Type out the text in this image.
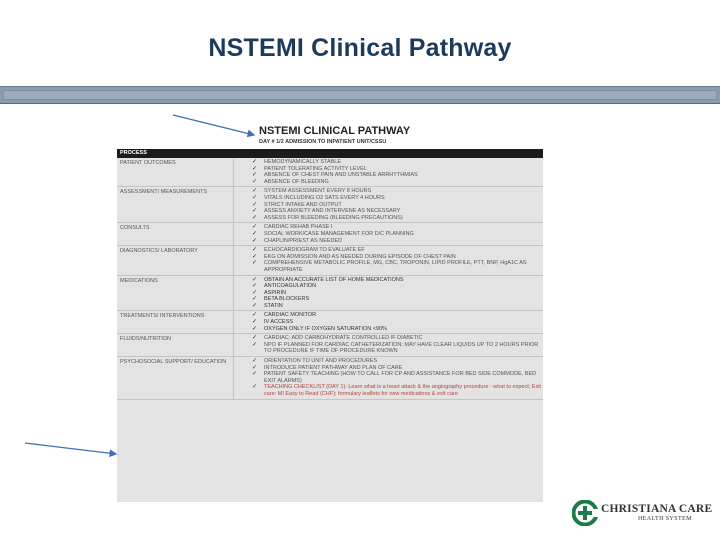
NSTEMI Clinical Pathway
NSTEMI CLINICAL PATHWAY
DAY # 1/2 ADMISSION TO INPATIENT UNIT/CSSU
PROCESS
PATIENT OUTCOMES	✓ HEMODYNAMICALLY STABLE
✓ PATIENT TOLERATING ACTIVITY LEVEL
✓ ABSENCE OF CHEST PAIN AND UNSTABLE ARRHYTHMIAS
✓ ABSENCE OF BLEEDING
ASSESSMENT/ MEASUREMENTS	✓ SYSTEM ASSESSMENT EVERY 8 HOURS
✓ VITALS INCLUDING O2 SATS EVERY 4 HOURS
✓ STRICT INTAKE AND OUTPUT
✓ ASSESS ANXIETY AND INTERVENE AS NECESSARY
✓ ASSESS FOR BLEEDING (BLEEDING PRECAUTIONS)
CONSULTS	✓ CARDIAC REHAB PHASE I
✓ SOCIAL WORK/CASE MANAGEMENT FOR D/C PLANNING
✓ CHAPLIN/PRIEST AS NEEDED
DIAGNOSTICS/ LABORATORY	✓ ECHOCARDIOGRAM TO EVALUATE EF
✓ EKG ON ADMISSION AND AS NEEDED DURING EPISODE OF CHEST PAIN
✓ COMPREHENSIVE METABOLIC PROFILE, MG, CBC, TROPONIN, LIPID PROFILE, PTT, BNP, HgA1C AS APPROPRIATE
MEDICATIONS	✓ OBTAIN AN ACCURATE LIST OF HOME MEDICATIONS
✓ ANTICOAGULATION
✓ ASPIRIN
✓ BETA BLOCKERS
✓ STATIN
TREATMENTS/ INTERVENTIONS	✓ CARDIAC MONITOR
✓ IV ACCESS
✓ OXYGEN ONLY IF OXYGEN SATURATION <90%
FLUIDS/NUTRITION	✓ CARDIAC; ADD CARBOHYDRATE CONTROLLED IF DIABETIC
✓ NPO IF PLANNED FOR CARDIAC CATHETERIZATION; MAY HAVE CLEAR LIQUIDS UP TO 2 HOURS PRIOR TO PROCEDURE IF TIME OF PROCEDURE KNOWN
PSYCHOSOCIAL SUPPORT/ EDUCATION	✓ ORIENTATION TO UNIT AND PROCEDURES
✓ INTRODUCE PATIENT PATHWAY AND PLAN OF CARE
✓ PATIENT SAFETY TEACHING (HOW TO CALL FOR CP AND ASSISTANCE FOR BED SIDE COMMODE, BED EXIT ALARMS)
✓ TEACHING CHECKLIST (DAY 1): Learn what is a heart attack & the angiography procedure - what to expect; Exit care: MI Easy to Read (CHF); formulary leaflets for new medications & exit care
CHRISTIANA CARE
HEALTH SYSTEM
